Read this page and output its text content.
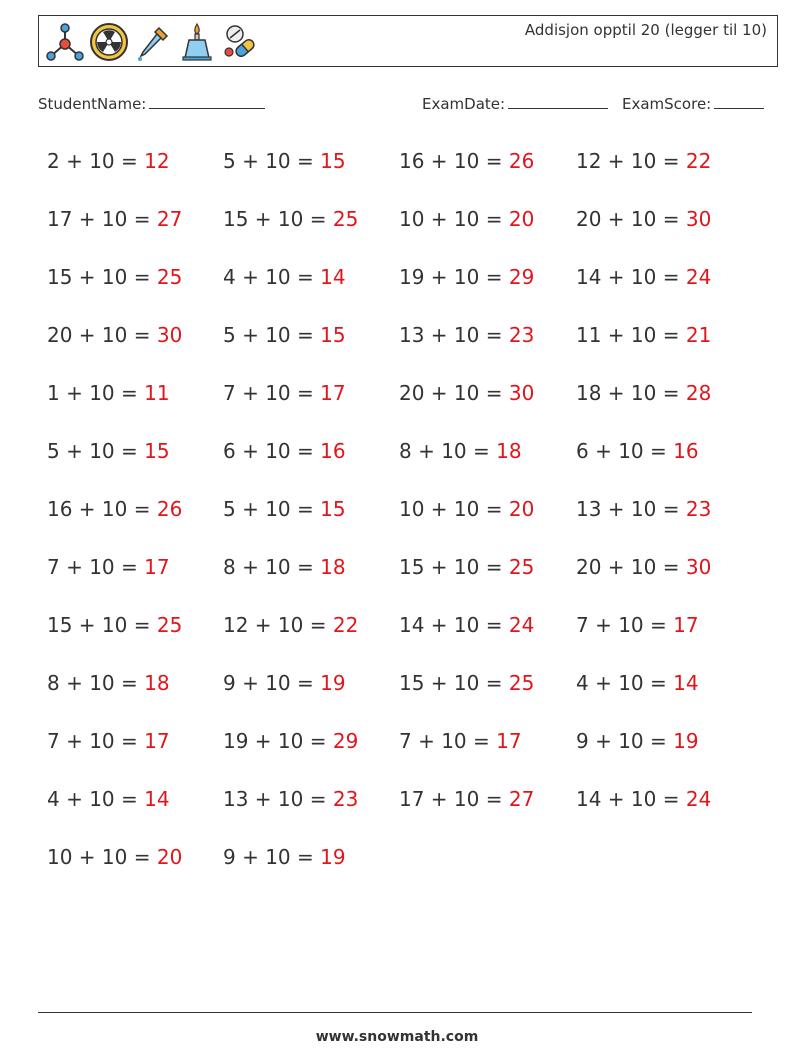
Addisjon opptil 20 (legger til 10)
StudentName:	ExamDate:	ExamScore:
2 + 10 = 12	5 + 10 = 15	16 + 10 = 26 12 + 10 = 22
17 + 10 = 27 15 + 10 = 25 10 + 10 = 20 20 + 10 = 30
15 + 10 = 25 4 + 10 = 14	19 + 10 = 29 14 + 10 = 24
20 + 10 = 30 5 + 10 = 15	13 + 10 = 23 11 + 10 = 21
1 + 10 = 11	7 + 10 = 17	20 + 10 = 30 18 + 10 = 28
5 + 10 = 15	6 + 10 = 16	8 + 10 = 18	6 + 10 = 16
16 + 10 = 26 5 + 10 = 15	10 + 10 = 20 13 + 10 = 23
7 + 10 = 17	8 + 10 = 18	15 + 10 = 25 20 + 10 = 30
15 + 10 = 25 12 + 10 = 22 14 + 10 = 24 7 + 10 = 17
8 + 10 = 18	9 + 10 = 19	15 + 10 = 25 4 + 10 = 14
7 + 10 = 17	19 + 10 = 29 7 + 10 = 17	9 + 10 = 19
4 + 10 = 14	13 + 10 = 23 17 + 10 = 27 14 + 10 = 24
10 + 10 = 20 9 + 10 = 19
www.snowmath.com
